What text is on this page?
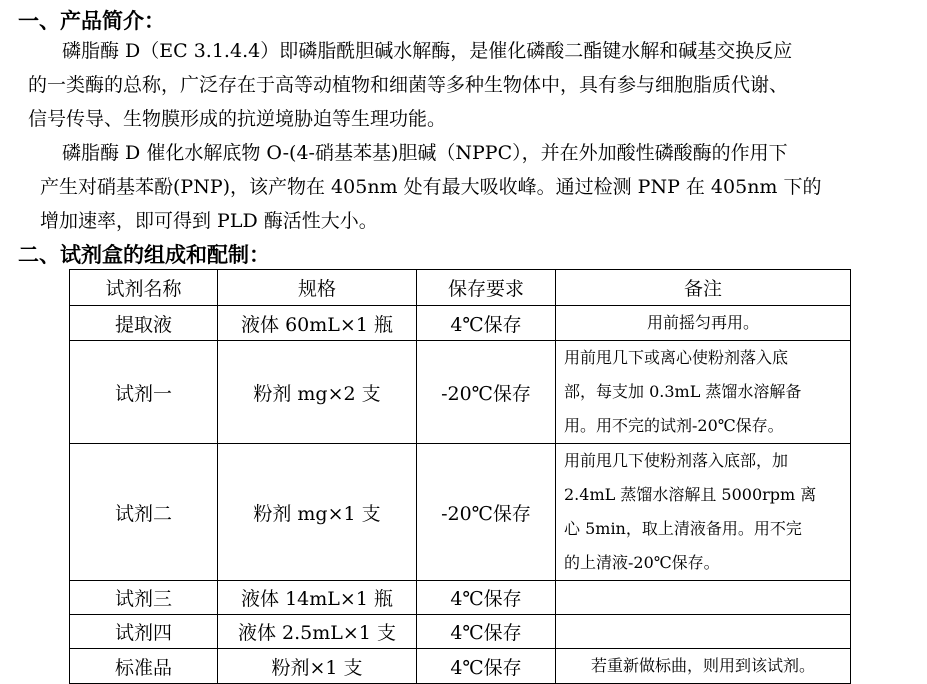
一、产品简介：
磷脂酶 D（EC 3.1.4.4）即磷脂酰胆碱水解酶，是催化磷酸二酯键水解和碱基交换反应
的一类酶的总称，广泛存在于高等动植物和细菌等多种生物体中，具有参与细胞脂质代谢、
信号传导、生物膜形成的抗逆境胁迫等生理功能。
磷脂酶 D 催化水解底物 O-(4-硝基苯基)胆碱（NPPC），并在外加酸性磷酸酶的作用下
产生对硝基苯酚(PNP)，该产物在 405nm 处有最大吸收峰。通过检测 PNP 在 405nm 下的
增加速率，即可得到 PLD 酶活性大小。
二、试剂盒的组成和配制：
试剂名称	规格	保存要求	备注
提取液	液体 60mL×1 瓶	4℃保存	用前摇匀再用。

试剂一	粉剂 mg×2 支	-20℃保存	用前甩几下或离心使粉剂落入底
部，每支加 0.3mL 蒸馏水溶解备
用。用不完的试剂-20℃保存。

试剂二	粉剂 mg×1 支	-20℃保存	用前甩几下使粉剂落入底部，加
2.4mL 蒸馏水溶解且 5000rpm 离
心 5min，取上清液备用。用不完
的上清液-20℃保存。

试剂三	液体 14mL×1 瓶	4℃保存	
试剂四	液体 2.5mL×1 支	4℃保存	
标准品	粉剂×1 支	4℃保存	若重新做标曲，则用到该试剂。
